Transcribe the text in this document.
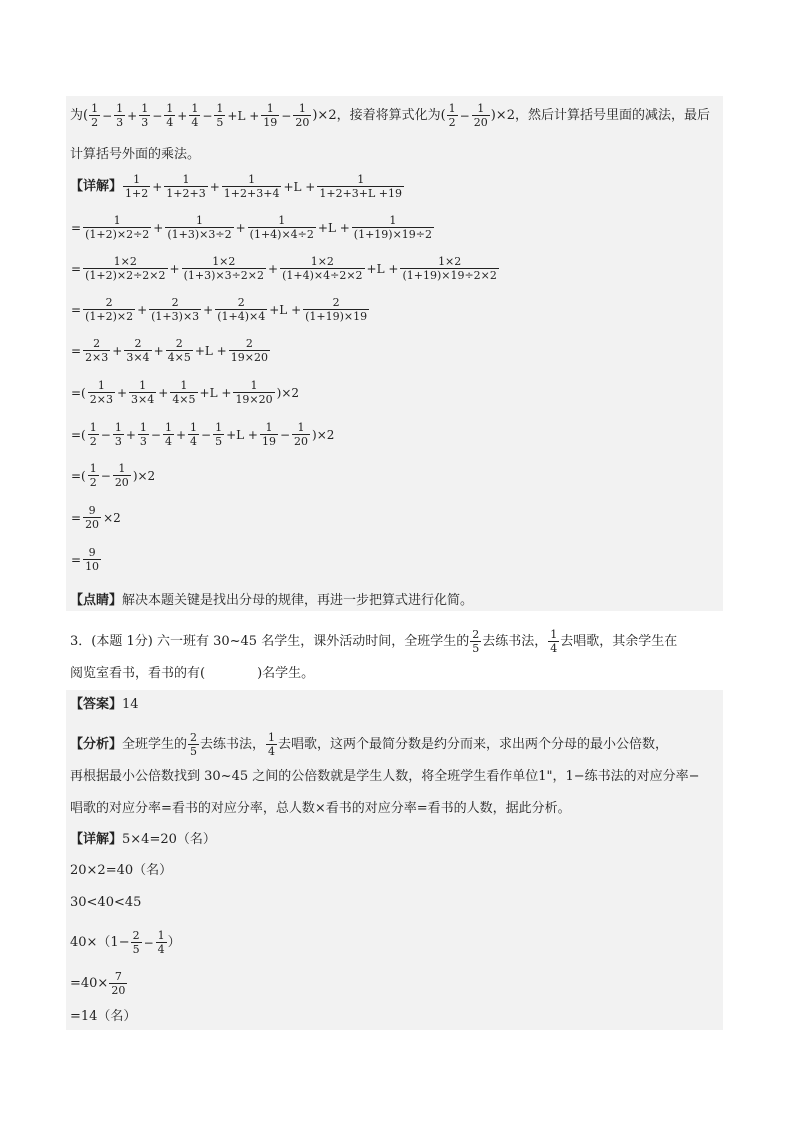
为( $\frac{1}{2} - \frac{1}{3} + \frac{1}{3} - \frac{1}{4} + \frac{1}{4} - \frac{1}{5} +L + \frac{1}{19} - \frac{1}{20} )\times 2$，接着将算式化为( $\frac{1}{2} - \frac{1}{20} )\times 2$，然后计算括号里面的减法，最后
计算括号外面的乘法。
【详解】 $\frac{1}{1+2} + \frac{1}{1+2+3} + \frac{1}{1+2+3+4} +L + \frac{1}{1+2+3+L +19}$
= $\frac{1}{(1+2)\times 2\div 2} + \frac{1}{(1+3)\times 3\div 2} + \frac{1}{(1+4)\times 4\div 2} +L + \frac{1}{(1+19)\times 19\div 2}$
= $\frac{1\times 2}{(1+2)\times 2\div 2\times 2} + \frac{1\times 2}{(1+3)\times 3\div 2\times 2} + \frac{1\times 2}{(1+4)\times 4\div 2\times 2} +L + \frac{1\times 2}{(1+19)\times 19\div 2\times 2}$
= $\frac{2}{(1+2)\times 2} + \frac{2}{(1+3)\times 3} + \frac{2}{(1+4)\times 4} +L + \frac{2}{(1+19)\times 19}$
= $\frac{2}{2\times 3} + \frac{2}{3\times 4} + \frac{2}{4\times 5} +L + \frac{2}{19\times 20}$
=( $\frac{1}{2\times 3} + \frac{1}{3\times 4} + \frac{1}{4\times 5} +L + \frac{1}{19\times 20} )\times 2$
=( $\frac{1}{2} - \frac{1}{3} + \frac{1}{3} - \frac{1}{4} + \frac{1}{4} - \frac{1}{5} +L + \frac{1}{19} - \frac{1}{20} )\times 2$
=( $\frac{1}{2} - \frac{1}{20} )\times 2$
= $\frac{9}{20} \times 2$
= $\frac{9}{10}$
【点睛】 解决本题关键是找出分母的规律，再进一步把算式进行化简。
3．(本题 1分) 六一班有 30~45 名学生，课外活动时间，全班学生的 $\frac{2}{5}$ 去练书法， $\frac{1}{4}$ 去唱歌，其余学生在
阅览室看书，看书的有(	)名学生。
【答案】 14
【分析】 全班学生的 $\frac{2}{5}$ 去练书法， $\frac{1}{4}$ 去唱歌，这两个最简分数是约分而来，求出两个分母的最小公倍数，
再根据最小公倍数找到 30~45 之间的公倍数就是学生人数，将全班学生看作单位1"，1−练书法的对应分率−
唱歌的对应分率=看书的对应分率，总人数×看书的对应分率=看书的人数，据此分析。
【详解】 5×4=20（名）
20×2=40（名）
30<40<45
$40\times(1- \frac{2}{5} - \frac{1}{4}$ ）
$=40\times \frac{7}{20}$
=14（名）
